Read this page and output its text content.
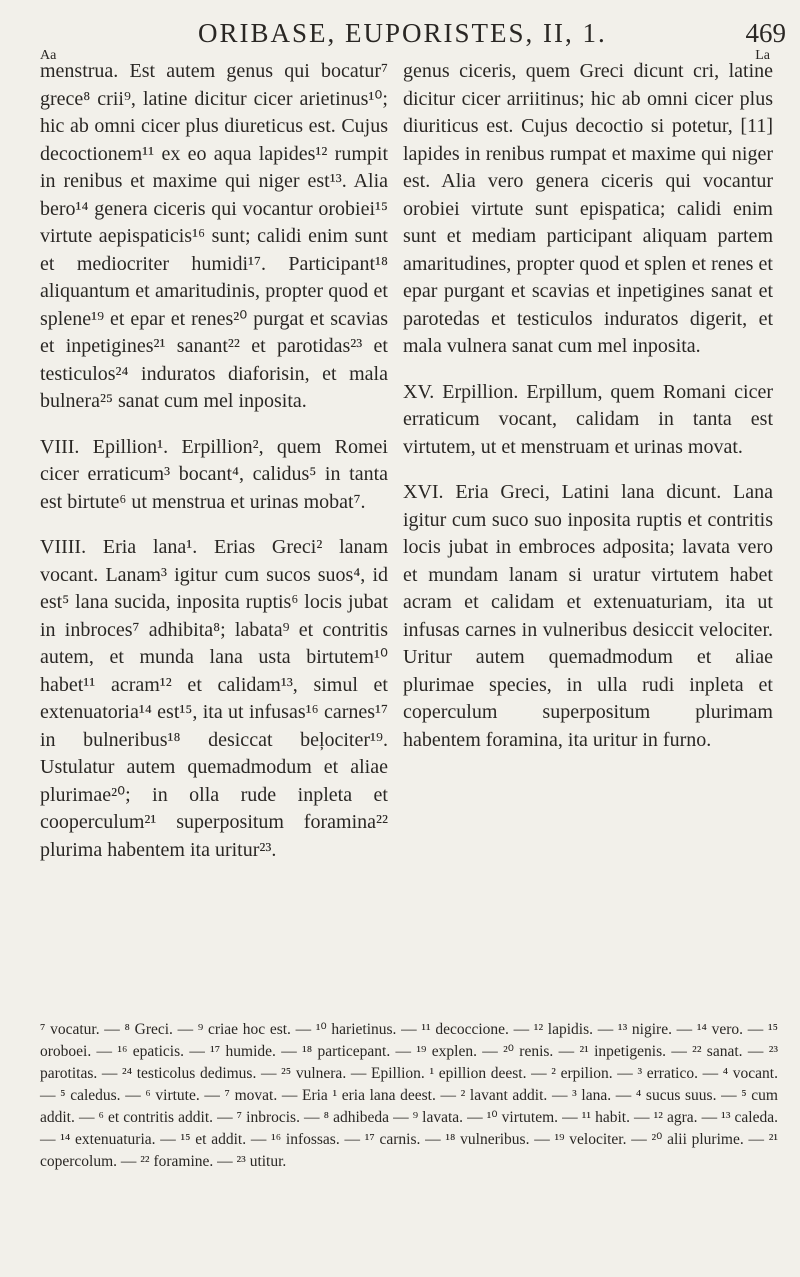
ORIBASE, EUPORISTES, II, 1.	469
Aa	La

menstrua. Est autem genus qui bocatur⁷ grece⁸ crii⁹, latine dicitur cicer arietinus¹⁰; hic ab omni cicer plus diureticus est. Cujus decoctionem¹¹ ex eo aqua lapides¹² rumpit in renibus et maxime qui niger est¹³. Alia bero¹⁴ genera ciceris qui vocantur orobiei¹⁵ virtute aepispaticis¹⁶ sunt; calidi enim sunt et mediocriter humidi¹⁷. Participant¹⁸ aliquantum et amaritudinis, propter quod et splene¹⁹ et epar et renes²⁰ purgat et scavias et inpetigines²¹ sanant²² et parotidas²³ et testiculos²⁴ induratos diaforisin, et mala bulnera²⁵ sanat cum mel inposita.

VIII. Epillion¹. Erpillion², quem Romei cicer erraticum³ bocant⁴, calidus⁵ in tanta est birtute⁶ ut menstrua et urinas mobat⁷.

VIIII. Eria lana¹. Erias Greci² lanam vocant. Lanam³ igitur cum sucos suos⁴, id est⁵ lana sucida, inposita ruptis⁶ locis jubat in inbroces⁷ adhibita⁸; labata⁹ et contritis autem, et munda lana usta birtutem¹⁰ habet¹¹ acram¹² et calidam¹³, simul et extenuatoria¹⁴ est¹⁵, ita ut infusas¹⁶ carnes¹⁷ in bulneribus¹⁸ desiccat beļociter¹⁹. Ustulatur autem quemadmodum et aliae plurimae²⁰; in olla rude inpleta et cooperculum²¹ superpositum foramina²² plurima habentem ita uritur²³.

genus ciceris, quem Greci dicunt cri, latine dicitur cicer arriitinus; hic ab omni cicer plus diuriticus est. Cujus decoctio si potetur, [11] lapides in renibus rumpat et maxime qui niger est. Alia vero genera ciceris qui vocantur orobiei virtute sunt epispatica; calidi enim sunt et mediam participant aliquam partem amaritudines, propter quod et splen et renes et epar purgant et scavias et inpetigines sanat et parotedas et testiculos induratos digerit, et mala vulnera sanat cum mel inposita.

XV. Erpillion. Erpillum, quem Romani cicer erraticum vocant, calidam in tanta est virtutem, ut et menstruam et urinas movat.

XVI. Eria Greci, Latini lana dicunt. Lana igitur cum suco suo inposita ruptis et contritis locis jubat in embroces adposita; lavata vero et mundam lanam si uratur virtutem habet acram et calidam et extenuaturiam, ita ut infusas carnes in vulneribus desiccit velociter. Uritur autem quemadmodum et aliae plurimae species, in ulla rudi inpleta et coperculum superpositum plurimam habentem foramina, ita uritur in furno.

⁷ vocatur. — ⁸ Greci. — ⁹ criae hoc est. — ¹⁰ harietinus. — ¹¹ decoccione. — ¹² lapidis. — ¹³ nigire. — ¹⁴ vero. — ¹⁵ oroboei. — ¹⁶ epaticis. — ¹⁷ humide. — ¹⁸ particepant. — ¹⁹ explen. — ²⁰ renis. — ²¹ inpetigenis. — ²² sanat. — ²³ parotitas. — ²⁴ testicolus dedimus. — ²⁵ vulnera. — Epillion. ¹ epillion deest. — ² erpilion. — ³ erratico. — ⁴ vocant. — ⁵ caledus. — ⁶ virtute. — ⁷ movat. — Eria ¹ eria lana deest. — ² lavant addit. — ³ lana. — ⁴ sucus suus. — ⁵ cum addit. — ⁶ et contritis addit. — ⁷ inbrocis. — ⁸ adhibeda — ⁹ lavata. — ¹⁰ virtutem. — ¹¹ habit. — ¹² agra. — ¹³ caleda. — ¹⁴ extenuaturia. — ¹⁵ et addit. — ¹⁶ infossas. — ¹⁷ carnis. — ¹⁸ vulneribus. — ¹⁹ velociter. — ²⁰ alii plurime. — ²¹ copercolum. — ²² foramine. — ²³ utitur.
